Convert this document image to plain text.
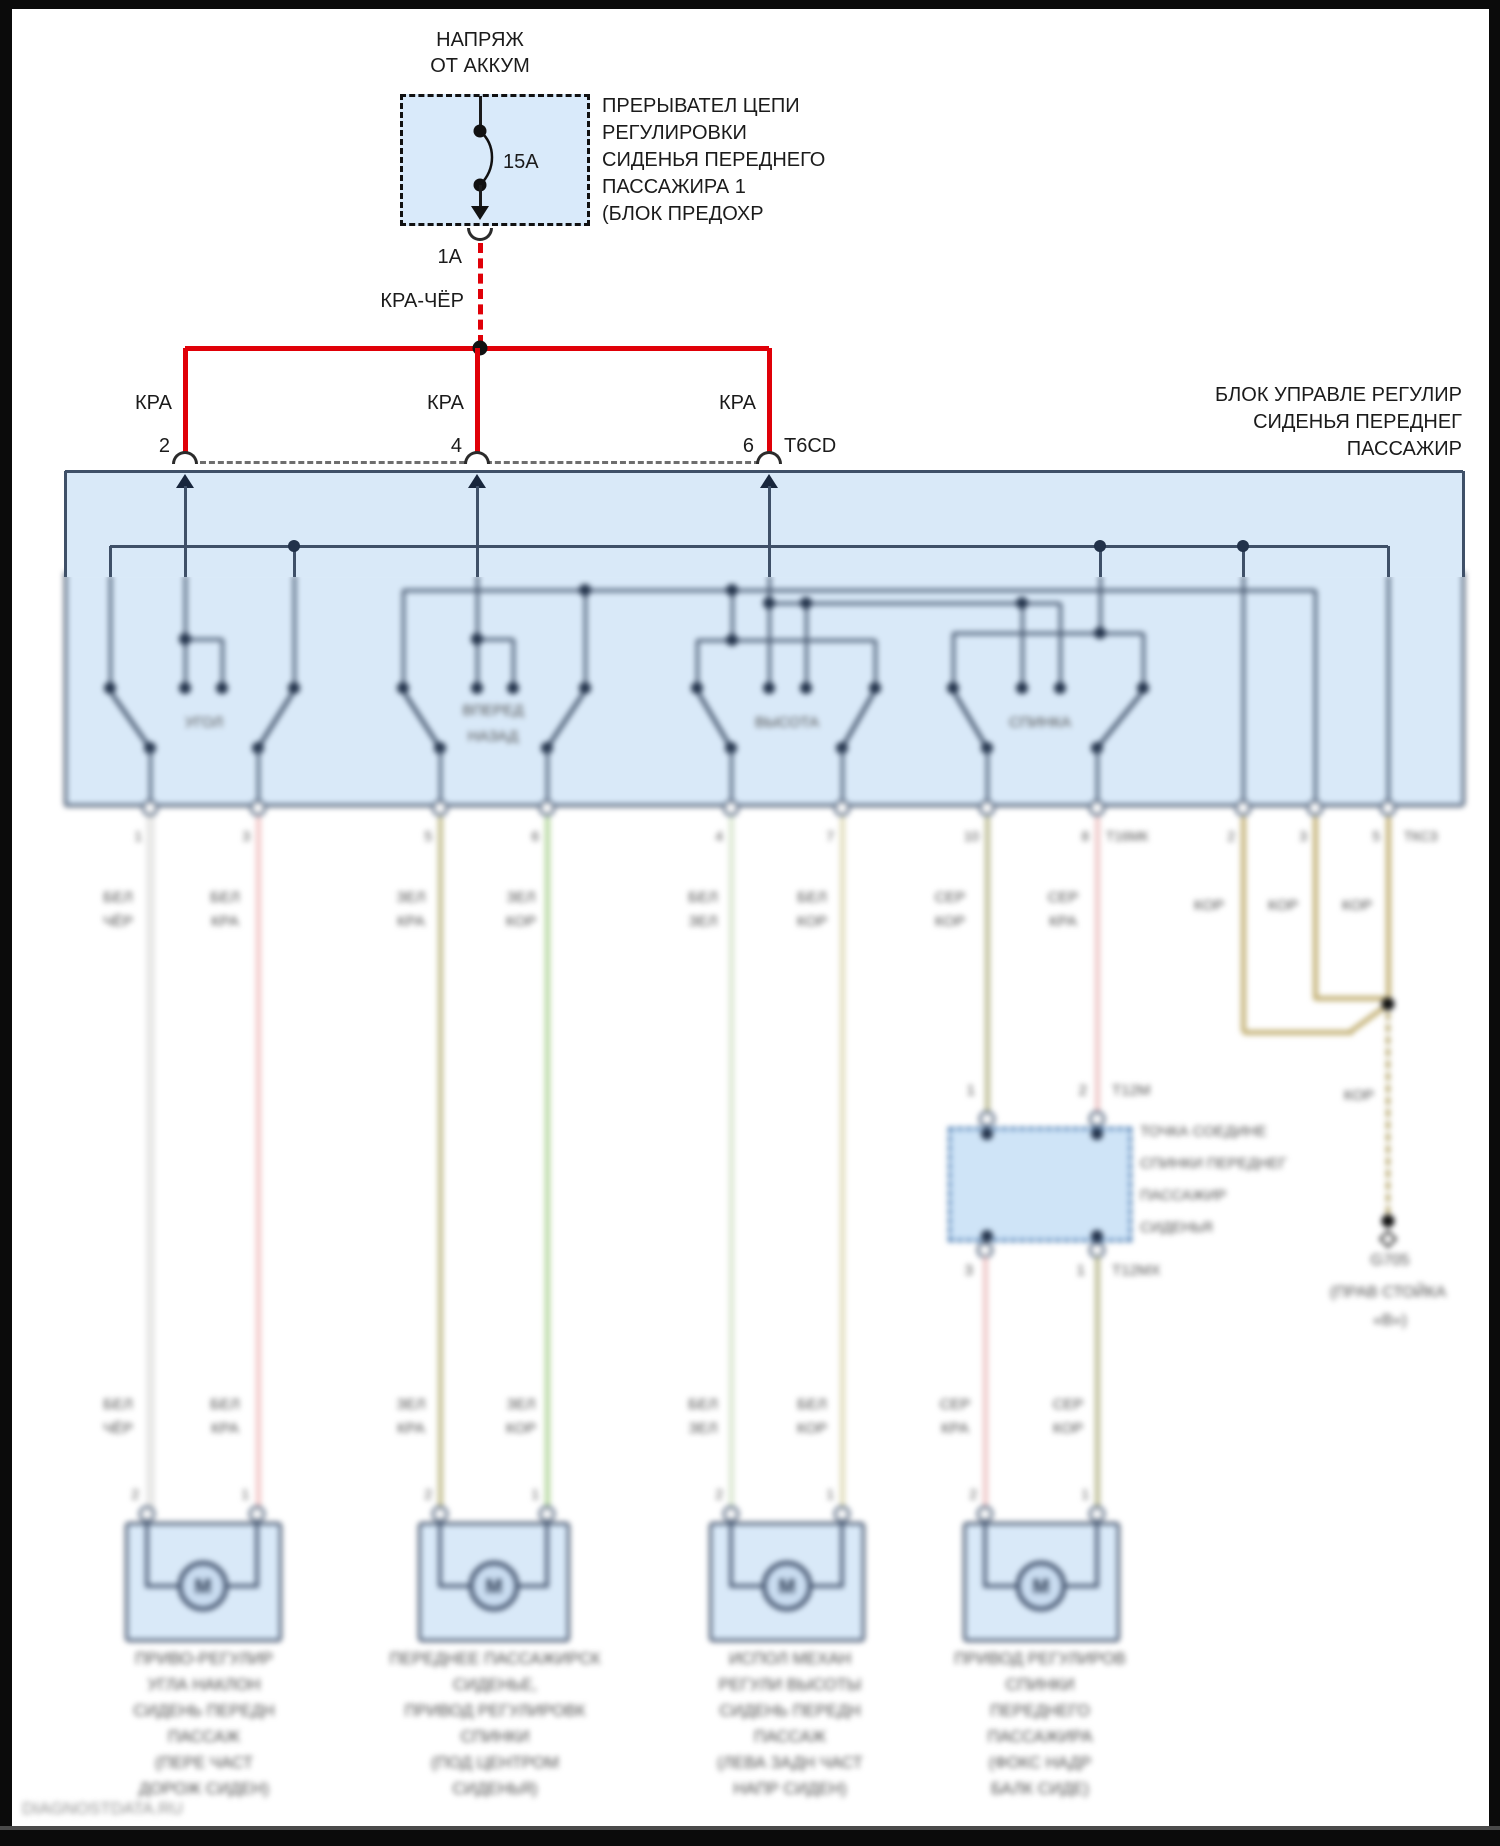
УГОЛ
ВПЕРЕД
НАЗАД
ВЫСОТА	СПИНКА
1	3	5	6	4	7	10	8	2	3	5
Т16МК	ТКСЗ
БЕЛ
ЧЁР
БЕЛ
КРА
ЗЕЛ
КРА
ЗЕЛ
КОР
БЕЛ
ЗЕЛ
БЕЛ
КОР
СЕР
КОР
СЕР
КРА
КОР	КОР	КОР
КОР
1	2 Т12М
3	1 Т12МХ
ТОЧКА СОЕДИНЕ
СПИНКИ ПЕРЕДНЕГ
ПАССАЖИР
СИДЕНЬЯ
G705
(ПРАВ СТОЙКА
«В»)
БЕЛ
ЧЁР
БЕЛ
КРА
ЗЕЛ
КРА
ЗЕЛ
КОР
БЕЛ
ЗЕЛ
БЕЛ
КОР
СЕР
КРА
СЕР
КОР
2	1	2	1	2	1	2	1
M	M	M	M
ПРИВО-РЕГУЛИР
УГЛА НАКЛОН
СИДЕНЬ ПЕРЕДН
ПАССАЖ
(ПЕРЕ ЧАСТ
ДОРОЖ СИДЕН)
ПЕРЕДНЕЕ ПАССАЖИРСК
СИДЕНЬЕ,
ПРИВОД РЕГУЛИРОВК
СПИНКИ
(ПОД ЦЕНТРОМ
СИДЕНЬЯ)
ИСПОЛ МЕХАН
РЕГУЛИ ВЫСОТЫ
СИДЕНЬ ПЕРЕДН
ПАССАЖ
(ЛЕВА ЗАДН ЧАСТ
НАПР СИДЕН)
ПРИВОД РЕГУЛИРОВ
СПИНКИ
ПЕРЕДНЕГО
ПАССАЖИРА
(ФОКС НАДР
БАЛК СИДЕ)
DIAGNOSTDATA.RU
НАПРЯЖ
ОТ АККУМ
15А
ПРЕРЫВАТЕЛ ЦЕПИ
РЕГУЛИРОВКИ
СИДЕНЬЯ ПЕРЕДНЕГО
ПАССАЖИРА 1
(БЛОК ПРЕДОХР
1А
КРА-ЧЁР
КРА	КРА	КРА
2	4	6 T6CD
БЛОК УПРАВЛЕ РЕГУЛИР
СИДЕНЬЯ ПЕРЕДНЕГ
ПАССАЖИР
